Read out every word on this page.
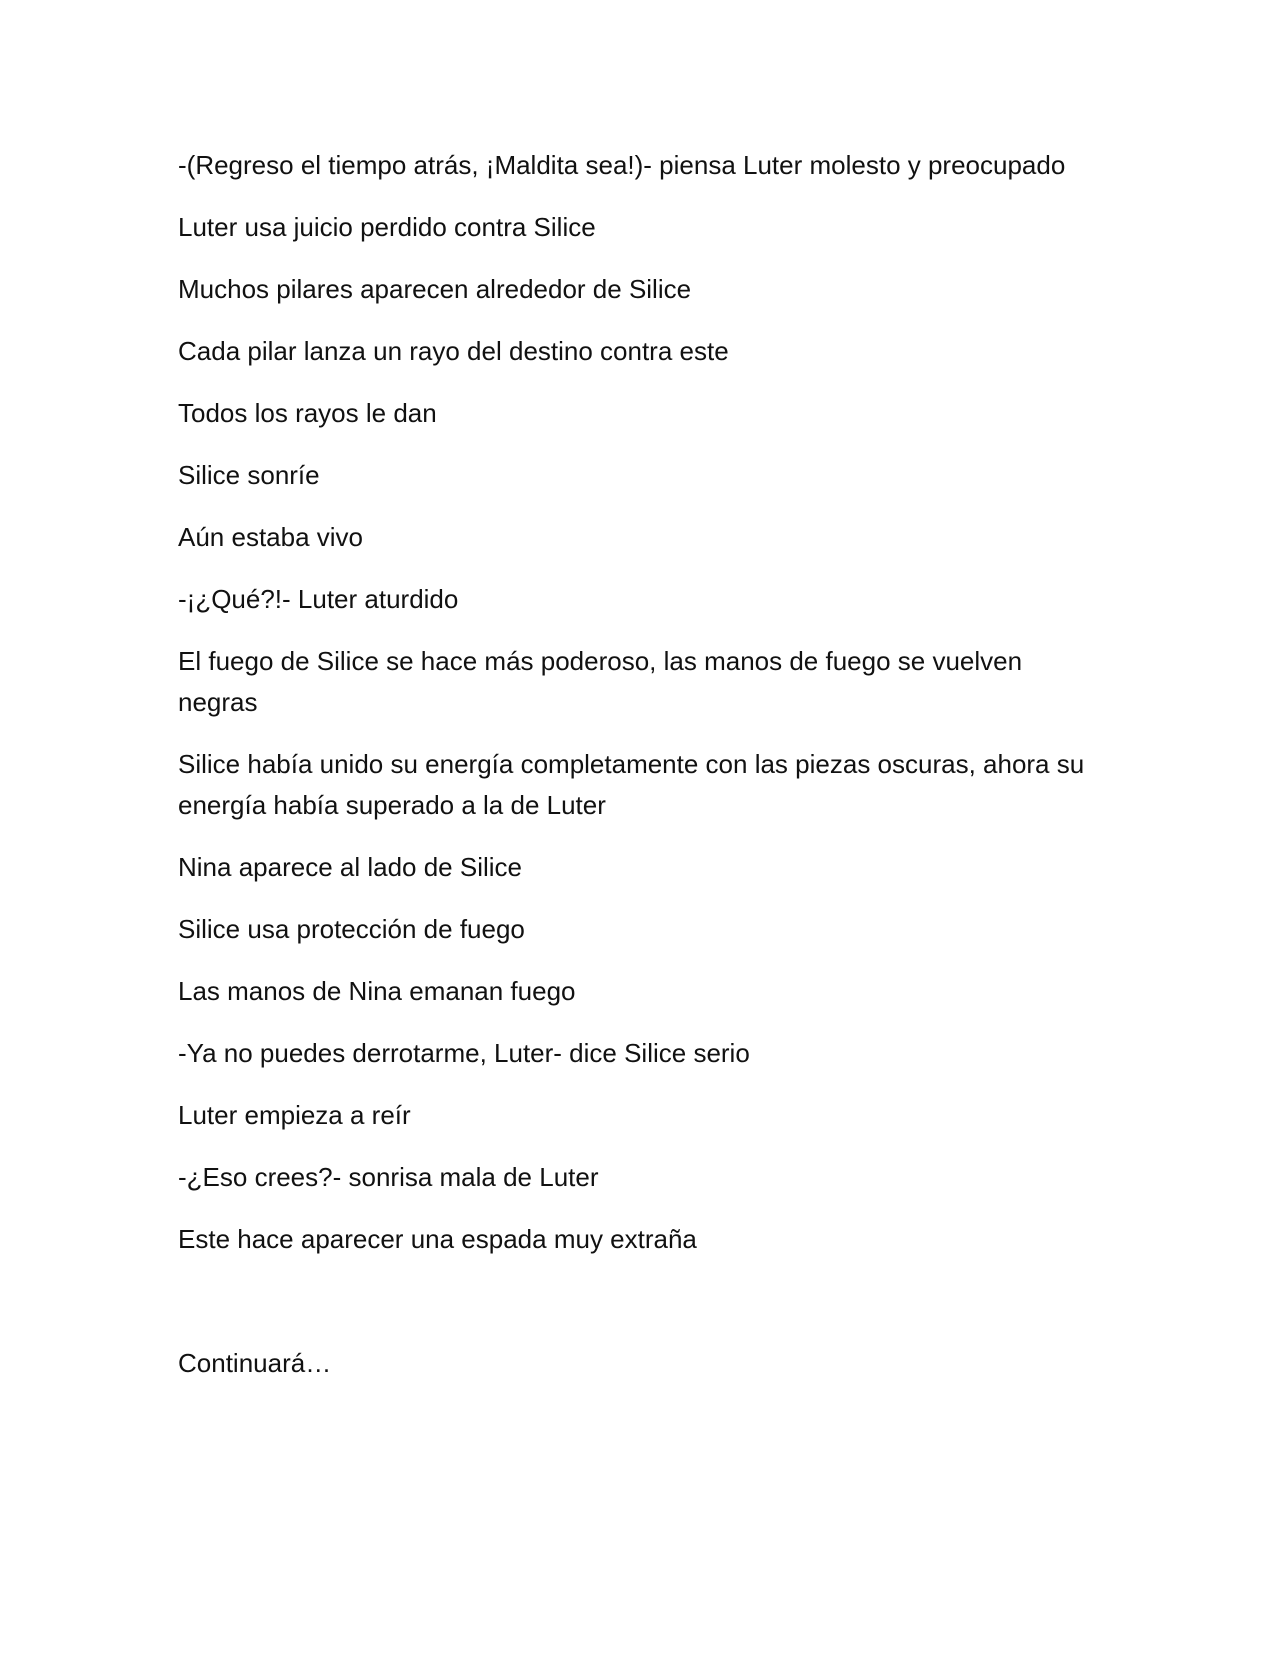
-(Regreso el tiempo atrás, ¡Maldita sea!)- piensa Luter molesto y preocupado

Luter usa juicio perdido contra Silice

Muchos pilares aparecen alrededor de Silice

Cada pilar lanza un rayo del destino contra este

Todos los rayos le dan

Silice sonríe

Aún estaba vivo

-¡¿Qué?!- Luter aturdido

El fuego de Silice se hace más poderoso, las manos de fuego se vuelven negras

Silice había unido su energía completamente con las piezas oscuras, ahora su energía había superado a la de Luter

Nina aparece al lado de Silice

Silice usa protección de fuego

Las manos de Nina emanan fuego

-Ya no puedes derrotarme, Luter- dice Silice serio

Luter empieza a reír

-¿Eso crees?- sonrisa mala de Luter

Este hace aparecer una espada muy extraña

Continuará…
